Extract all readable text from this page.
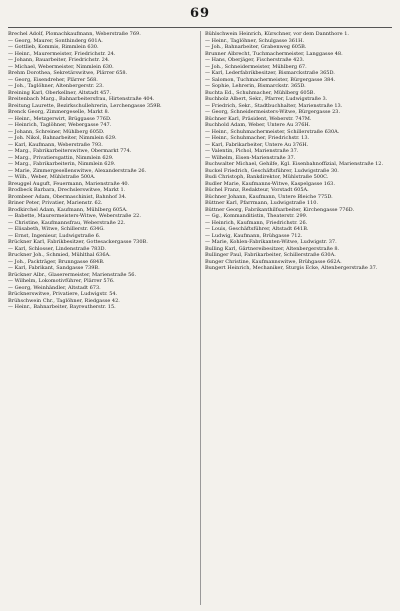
69

Brechel Adolf, Plomachkaufmann, Weberstraße 769.

— Georg, Maurer, Sonthinderg 601A.

— Gottlieb, Kommis, Rimmlein 630.

— Heinr., Maurermeister, Friedrichstr. 24.

— Johann, Bauarbeiter, Friedrichstr. 24.

— Michael, Webermeister, Nimmlein 630.

Brehm Dorothea, Sekretärswitwe, Plärrer 658.

— Georg, Eisendreher, Plärrer 568.

— Joh., Taglöhner, Altenbergerstr. 23.

Breining Karl, Oberkellner, Altstadt 457.

Breitenbach Marg., Bahnarbeitersfrau, Hirtenstraße 404.

Breitung Laurette, Bezirkschullehrerin, Lerchengasse 359B.

Brenck Georg, Zimmergeselle, Markt 8.

— Heinr., Metzgerwirt, Brüggasse 776D.

— Heinrich, Taglöhner, Webergasse 747.

— Johann, Schreiner, Mühlberg 605D.

— Joh. Nikol, Bahnarbeiter, Nimmlein 629.

— Karl, Kaufmann, Weberstraße 793.

— Marg., Fabrikarbeiterswitwe, Obermarkt 774.

— Marg., Privatiersgattin, Nimmlein 629.

— Marg., Fabrikarbeiterin, Nimmlein 629.

— Marie, Zimmergesellenswitwe, Alexanderstraße 26.

— Wilh., Weber, Mühlstraße 500A.

Breuggel Auguft, Feuermann, Marienstraße 40.

Brodbeck Barbara, Drechslerswitwe, Markt 1.

Brombeer Adam, Obermaschinist, Bahnhof 34.

Briner Peter, Privatier, Marienstr. 62.

Brodkirchel Adam, Kaufmann, Mühlberg 605A.

— Babette, Maurermeisters-Witwe, Weberstraße 22.

— Christine, Kaufmannsfrau, Weberstraße 22.

— Elisabeth, Witwe, Schillerstr. 634G.

— Ernst, Ingenieur, Ludwigstraße 6.

Brückner Karl, Fabrikbesitzer, Gottesackergasse 730B.

— Karl, Schlosser, Lindenstraße 783D.

Bruckner Joh., Schmied, Mühlthal 636A.

— Joh., Packträger, Brunngasse 684B.

— Karl, Fabrikant, Sandgasse 739B.

Brückner Albr., Glaserermeister, Marienstraße 56.

— Wilhelm, Lokomotivführer, Plärrer 576.

— Georg, Weinhändler, Altstadt 673.

Brücknerswitwe, Privatiere, Ludwigstr. 54.

Brühschwein Chr., Taglöhner, Riedgasse 42.

— Heinr., Bahnarbeiter, Bayreutherstr. 15.

Bühlschwein Heinrich, Kürschner, vor dem Dannthore 1.

— Heinr., Taglöhner, Schulgasse 361H.

— Joh., Bahnarbeiter, Grabenweg 605B.

Brunner Albrecht, Tuchmachermeister, Langgasse 48.

— Hans, Oberjäger, Fischerstraße 423.

— Joh., Schneidermeister, Mühlberg 67.

— Karl, Lederfabrikbesitzer, Bismarckstraße 365D.

— Salomon, Tuchmachermeister, Bürgergasse 384.

— Sophie, Lehrerin, Bismarckstr. 365D.

Buchta Ed., Schuhmacher, Mühlberg 605B.

Buchholz Albert, Sekr., Pfarrer, Ludwigstraße 3.

— Friedrich, Sekr., Stadtbuchhalter, Marienstraße 13.

— Georg, Schneidermeisters-Witwe, Bürgergasse 23.

Büchner Karl, Präsident, Weberstr. 747M.

Buchhold Adam, Weber, Untere Au 376H.

— Heinr., Schuhmachermeister, Schillerstraße 630A.

— Heinr., Schuhmacher, Friedrichstr. 13.

— Karl, Fabrikarbeiter, Untere Au 376H.

— Valentin, Pichol, Marienstraße 37.

— Wilhelm, Eisen-Marienstraße 37.

Buchwalter Michael, Gehilfe, Kgl. Eisenbahnoffizial, Marienstraße 12.

Buckel Friedrich, Geschäftsführer, Ludwigstraße 30.

Budi Christoph, Bankdirektor, Mühlstraße 500C.

Budler Marie, Kaufmanns-Witwe, Kaspelgasse 163.

Büchel Franz, Redakteur, Vorstadt 605A.

Büchner Johann, Kaufmann, Untere Bleiche 775D.

Büttner Karl, Pfarrmann, Ludwigstraße 110.

Büttner Georg, Fabrikanthilfsarbeiter, Kirchengasse 776D.

— Gg., Kommanditistin, Theaterstr. 299.

— Heinrich, Kaufmann, Friedrichstr. 26.

— Louis, Geschäftsführer, Altstadt 641B.

— Ludwig, Kaufmann, Brühgasse 712.

— Marie, Kohlen-Fabrikanten-Witwe, Ludwigstr. 37.

Bulling Karl, Gärtnereibesitzer, Altenbergerstraße 8.

Bullinger Paul, Fabrikarbeiter, Schillerstraße 630A.

Bunger Christine, Kaufmannswitwe, Brühgasse 662A.

Bungert Heinrich, Mechaniker, Sturgis Ecke, Altenbergerstraße 37.
